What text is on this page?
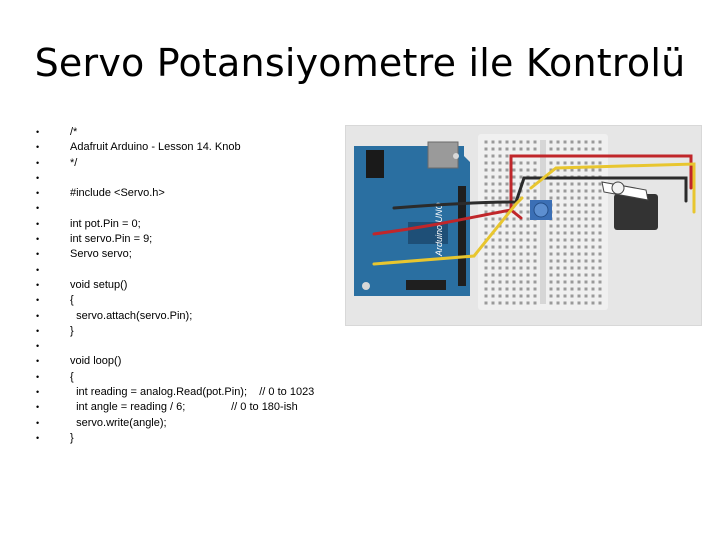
Servo Potansiyometre ile Kontrolü
•	/*
•	Adafruit Arduino - Lesson 14. Knob
•	*/
•
•	#include <Servo.h>
•
•	int pot.Pin = 0;
•	int servo.Pin = 9;
•	Servo servo;
•
•	void setup()
•	{
•	servo.attach(servo.Pin);
•	}
•
•	void loop()
•	{
•	int reading = analog.Read(pot.Pin);    // 0 to 1023
•	int angle = reading / 6;               // 0 to 180-ish
•	servo.write(angle);
•	}
Arduino UNO
